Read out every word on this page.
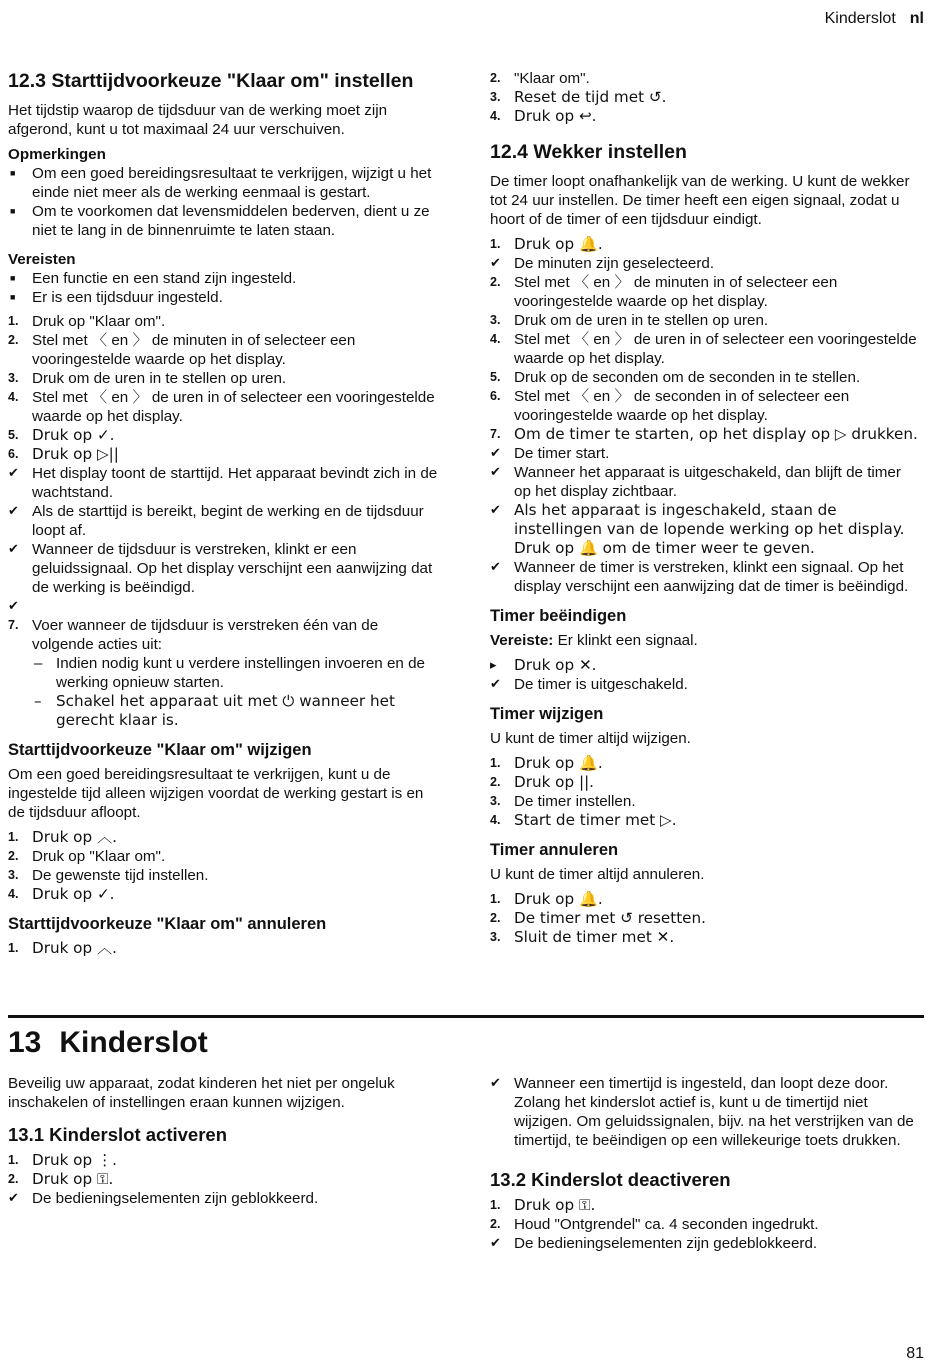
Kinderslot nl
12.3 Starttijdvoorkeuze "Klaar om" instellen

Het tijdstip waarop de tijdsduur van de werking moet zijn afgerond, kunt u tot maximaal 24 uur verschuiven.

Opmerkingen
■ Om een goed bereidingsresultaat te verkrijgen, wijzigt u het einde niet meer als de werking eenmaal is gestart.
■ Om te voorkomen dat levensmiddelen bederven, dient u ze niet te lang in de binnenruimte te laten staan.
Vereisten
■ Een functie en een stand zijn ingesteld.
■ Er is een tijdsduur ingesteld.
1. Druk op "Klaar om".
2. Stel met 〈 en 〉 de minuten in of selecteer een vooringestelde waarde op het display.
3. Druk om de uren in te stellen op uren.
4. Stel met 〈 en 〉 de uren in of selecteer een vooringestelde waarde op het display.
5. Druk op ✓.
6. Druk op ▷||
✔ Het display toont de starttijd. Het apparaat bevindt zich in de wachtstand.
✔ Als de starttijd is bereikt, begint de werking en de tijdsduur loopt af.
✔ Wanneer de tijdsduur is verstreken, klinkt er een geluidssignaal. Op het display verschijnt een aanwijzing dat de werking is beëindigd.
✔
7. Voer wanneer de tijdsduur is verstreken één van de volgende acties uit:
– Indien nodig kunt u verdere instellingen invoeren en de werking opnieuw starten.
– Schakel het apparaat uit met ⏻ wanneer het gerecht klaar is.
Starttijdvoorkeuze "Klaar om" wijzigen

Om een goed bereidingsresultaat te verkrijgen, kunt u de ingestelde tijd alleen wijzigen voordat de werking gestart is en de tijdsduur afloopt.

1. Druk op ︿.
2. Druk op "Klaar om".
3. De gewenste tijd instellen.
4. Druk op ✓.
Starttijdvoorkeuze "Klaar om" annuleren
1. Druk op ︿.
2. "Klaar om".
3. Reset de tijd met ↺.
4. Druk op ↩.
12.4 Wekker instellen

De timer loopt onafhankelijk van de werking. U kunt de wekker tot 24 uur instellen. De timer heeft een eigen signaal, zodat u hoort of de timer of een tijdsduur eindigt.

1. Druk op 🔔.
✔ De minuten zijn geselecteerd.
2. Stel met 〈 en 〉 de minuten in of selecteer een vooringestelde waarde op het display.
3. Druk om de uren in te stellen op uren.
4. Stel met 〈 en 〉 de uren in of selecteer een vooringestelde waarde op het display.
5. Druk op de seconden om de seconden in te stellen.
6. Stel met 〈 en 〉 de seconden in of selecteer een vooringestelde waarde op het display.
7. Om de timer te starten, op het display op ▷ drukken.
✔ De timer start.
✔ Wanneer het apparaat is uitgeschakeld, dan blijft de timer op het display zichtbaar.
✔ Als het apparaat is ingeschakeld, staan de instellingen van de lopende werking op het display. Druk op 🔔 om de timer weer te geven.
✔ Wanneer de timer is verstreken, klinkt een signaal. Op het display verschijnt een aanwijzing dat de timer is beëindigd.
Timer beëindigen

Vereiste: Er klinkt een signaal.

▸ Druk op ✕.
✔ De timer is uitgeschakeld.
Timer wijzigen

U kunt de timer altijd wijzigen.

1. Druk op 🔔.
2. Druk op ||.
3. De timer instellen.
4. Start de timer met ▷.
Timer annuleren

U kunt de timer altijd annuleren.

1. Druk op 🔔.
2. De timer met ↺ resetten.
3. Sluit de timer met ✕.
13 Kinderslot

Beveilig uw apparaat, zodat kinderen het niet per ongeluk inschakelen of instellingen eraan kunnen wijzigen.

13.1 Kinderslot activeren
1. Druk op ⋮.
2. Druk op ⚿.
✔ De bedieningselementen zijn geblokkeerd.
✔ Wanneer een timertijd is ingesteld, dan loopt deze door. Zolang het kinderslot actief is, kunt u de timertijd niet wijzigen. Om geluidssignalen, bijv. na het verstrijken van de timertijd, te beëindigen op een willekeurige toets drukken.
13.2 Kinderslot deactiveren
1. Druk op ⚿.
2. Houd "Ontgrendel" ca. 4 seconden ingedrukt.
✔ De bedieningselementen zijn gedeblokkeerd.
81
